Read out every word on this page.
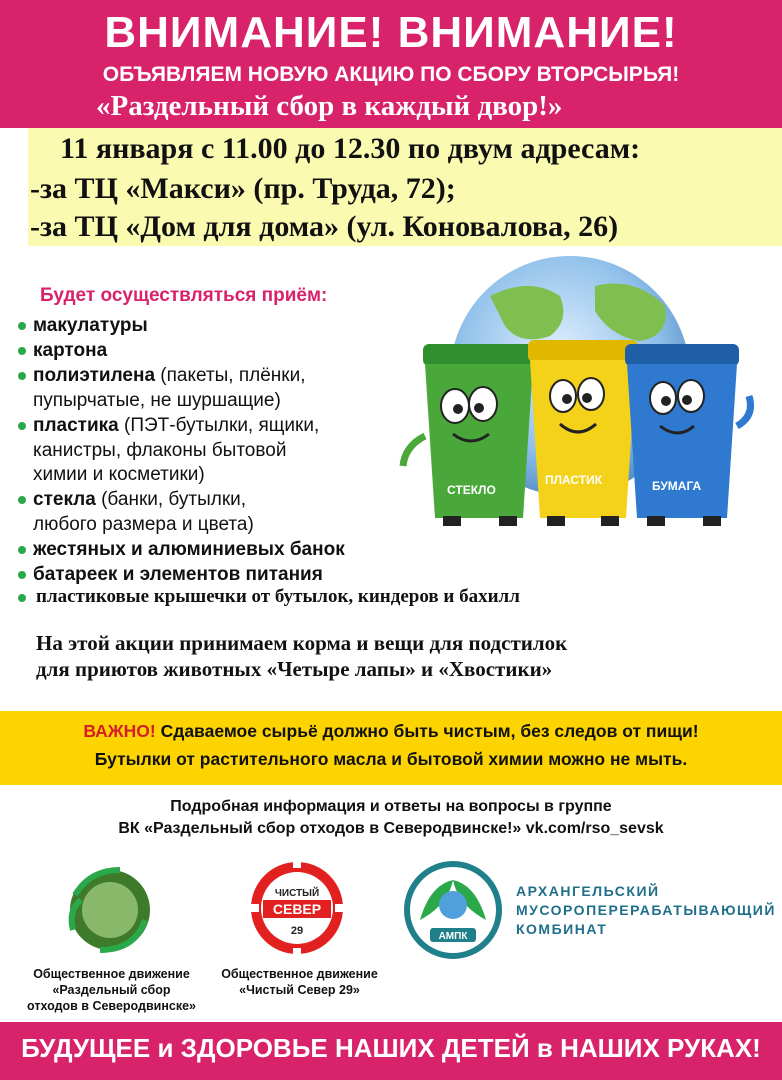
ВНИМАНИЕ! ВНИМАНИЕ!
ОБЪЯВЛЯЕМ НОВУЮ АКЦИЮ ПО СБОРУ ВТОРСЫРЬЯ!
«Раздельный сбор в каждый двор!»
11 января с 11.00 до 12.30 по двум адресам:
-за ТЦ «Макси» (пр. Труда, 72);
-за ТЦ «Дом для дома» (ул. Коновалова, 26)
СТЕКЛО
ПЛАСТИК	БУМАГА
Будет осуществляться приём:
макулатуры
картона
полиэтилена (пакеты, плёнки,
пупырчатые, не шуршащие)
пластика (ПЭТ-бутылки, ящики,
канистры, флаконы бытовой
химии и косметики)
стекла (банки, бутылки,
любого размера и цвета)
жестяных и алюминиевых банок
батареек и элементов питания
пластиковые крышечки от бутылок, киндеров и бахилл
На этой акции принимаем корма и вещи для подстилок
для приютов животных «Четыре лапы» и «Хвостики»
ВАЖНО! Сдаваемое сырьё должно быть чистым, без следов от пищи!
Бутылки от растительного масла и бытовой химии можно не мыть.
Подробная информация и ответы на вопросы в группе
ВК «Раздельный сбор отходов в Северодвинске!» vk.com/rso_sevsk
Общественное движение
«Раздельный сбор
отходов в Северодвинске»
ЧИСТЫЙ
СЕВЕР
29
Общественное движение
«Чистый Север 29»
АМПК
АРХАНГЕЛЬСКИЙ
МУСОРОПЕРЕРАБАТЫВАЮЩИЙ
КОМБИНАТ
БУДУЩЕЕ и ЗДОРОВЬЕ НАШИХ ДЕТЕЙ в НАШИХ РУКАХ!
